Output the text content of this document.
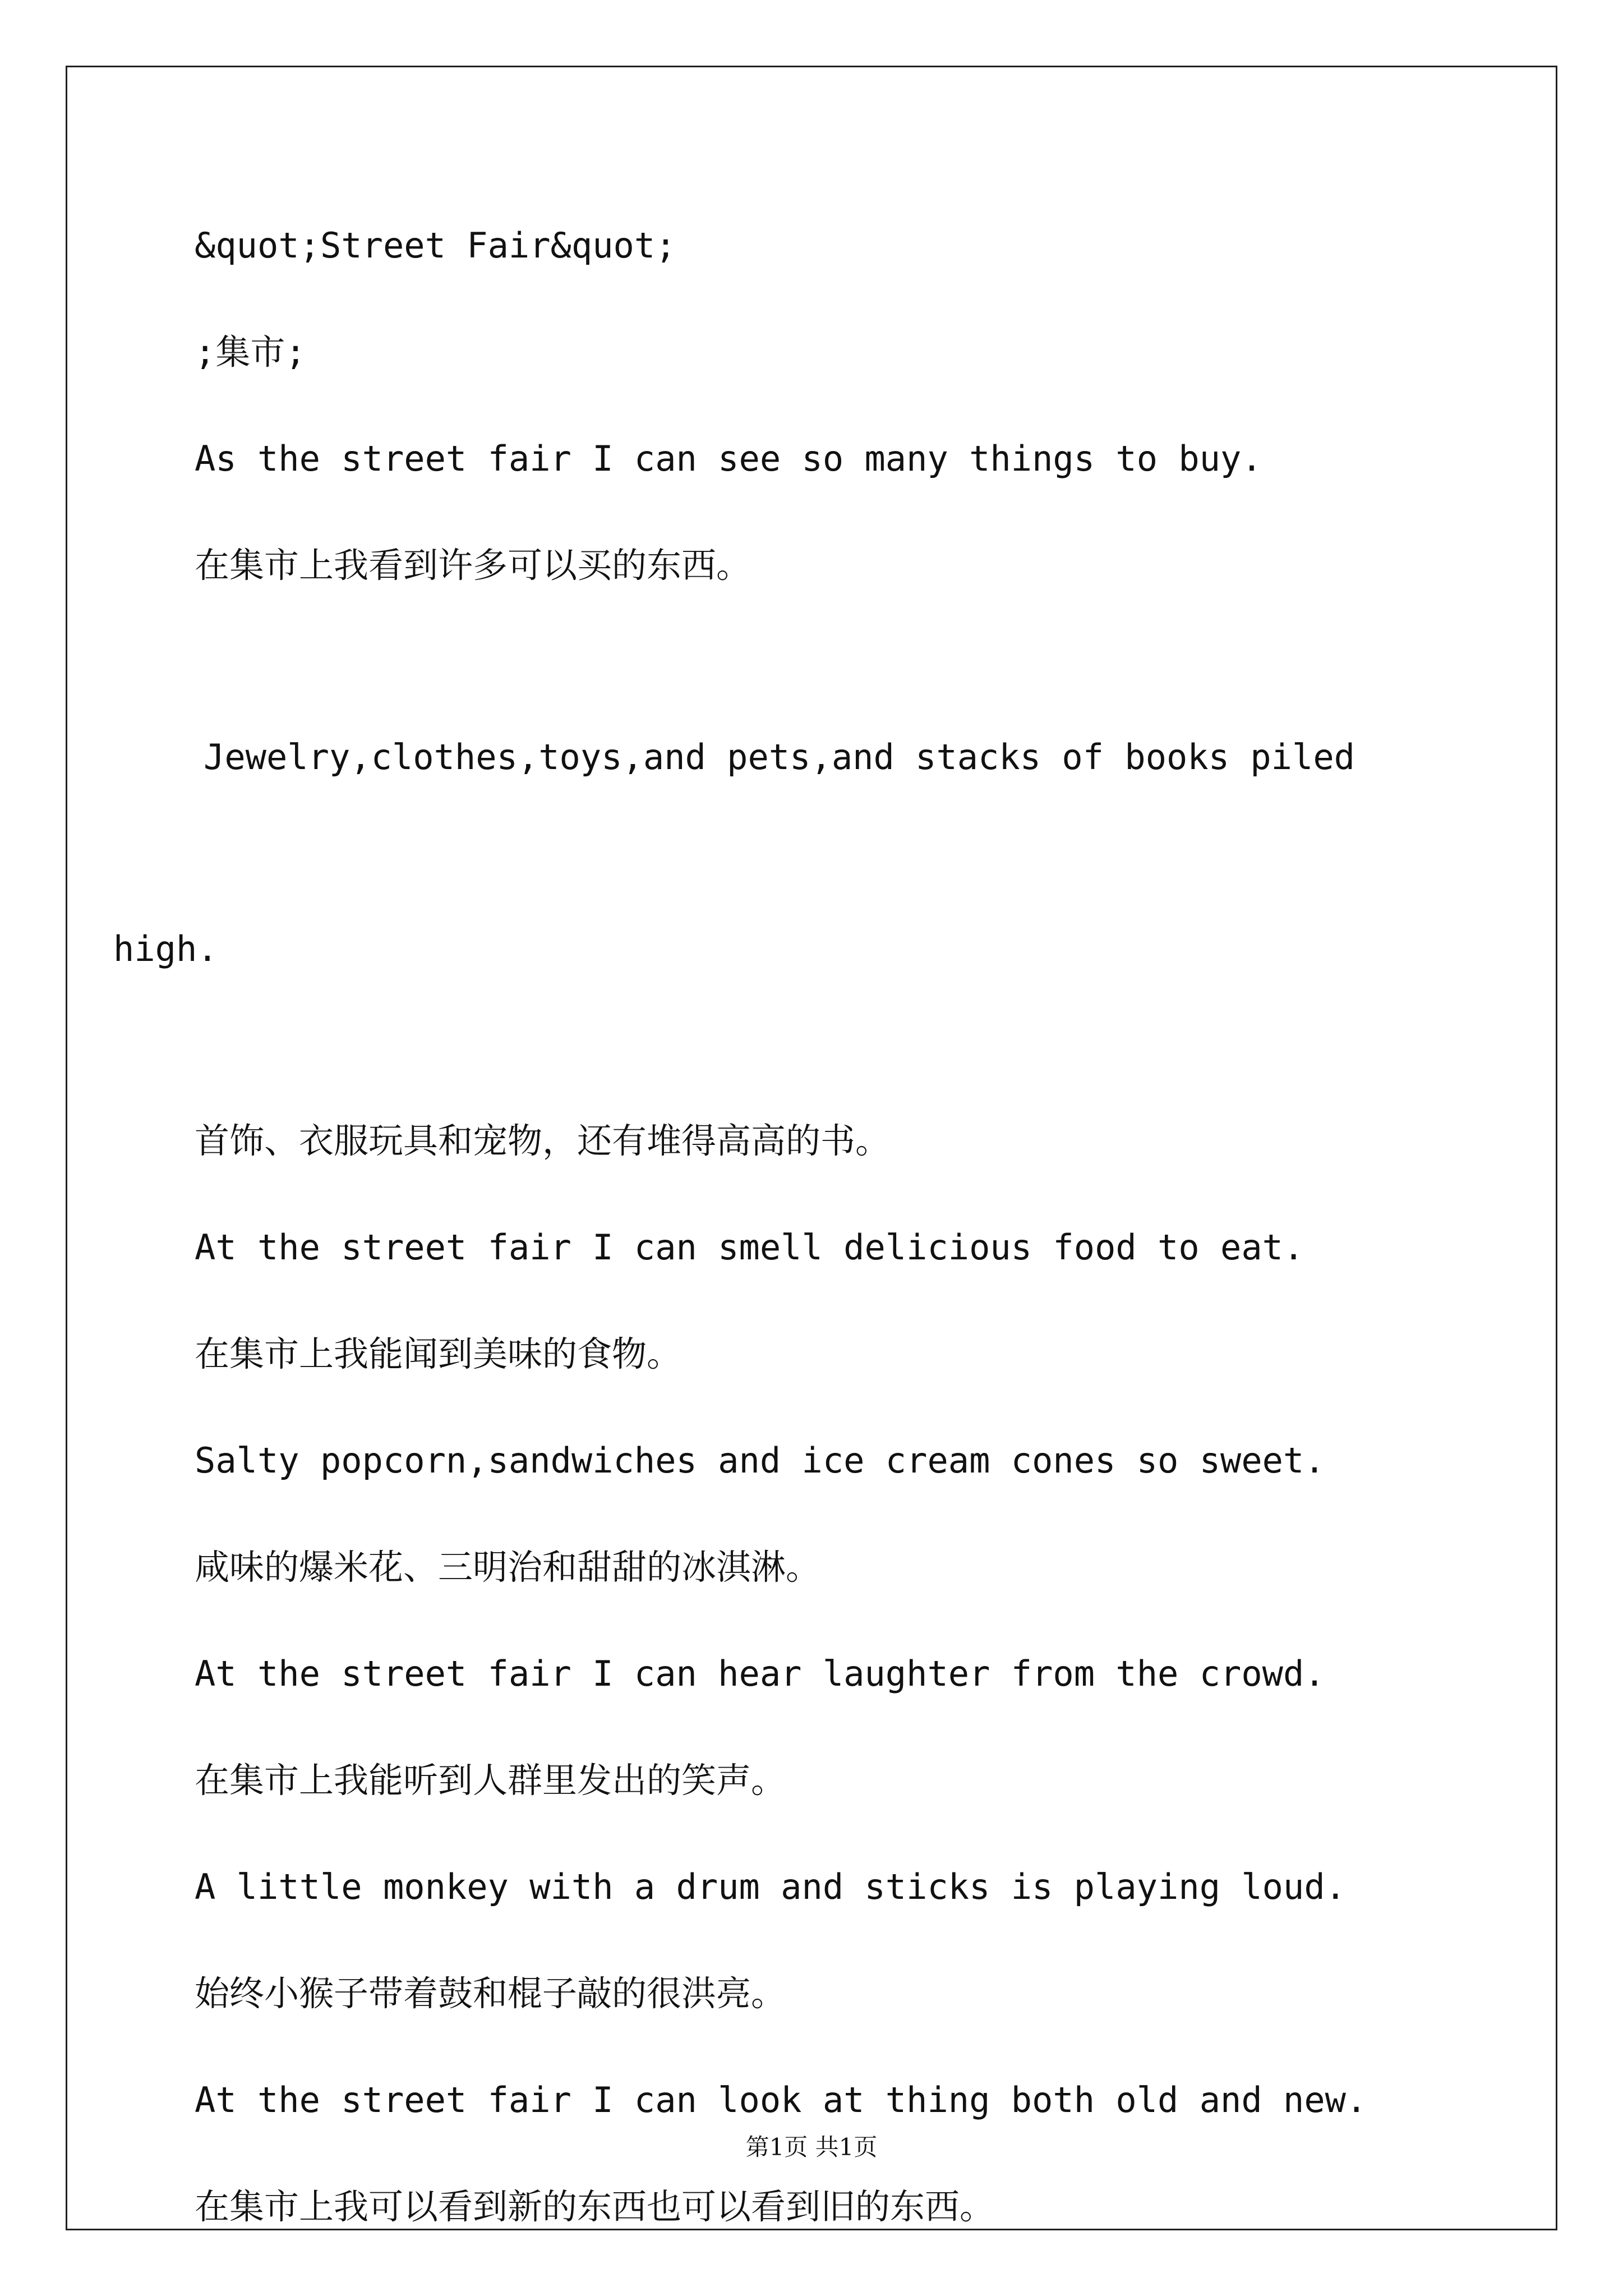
&quot;Street Fair&quot;

;集市;

As the street fair I can see so many things to buy.

在集市上我看到许多可以买的东西。

Jewelry,clothes,toys,and pets,and stacks of books piled

high.

首饰、衣服玩具和宠物，还有堆得高高的书。

At the street fair I can smell delicious food to eat.

在集市上我能闻到美味的食物。

Salty popcorn,sandwiches and ice cream cones so sweet.

咸味的爆米花、三明治和甜甜的冰淇淋。

At the street fair I can hear laughter from the crowd.

在集市上我能听到人群里发出的笑声。

A little monkey with a drum and sticks is playing loud.

始终小猴子带着鼓和棍子敲的很洪亮。

At the street fair I can look at thing both old and new.

在集市上我可以看到新的东西也可以看到旧的东西。

第1页 共1页
